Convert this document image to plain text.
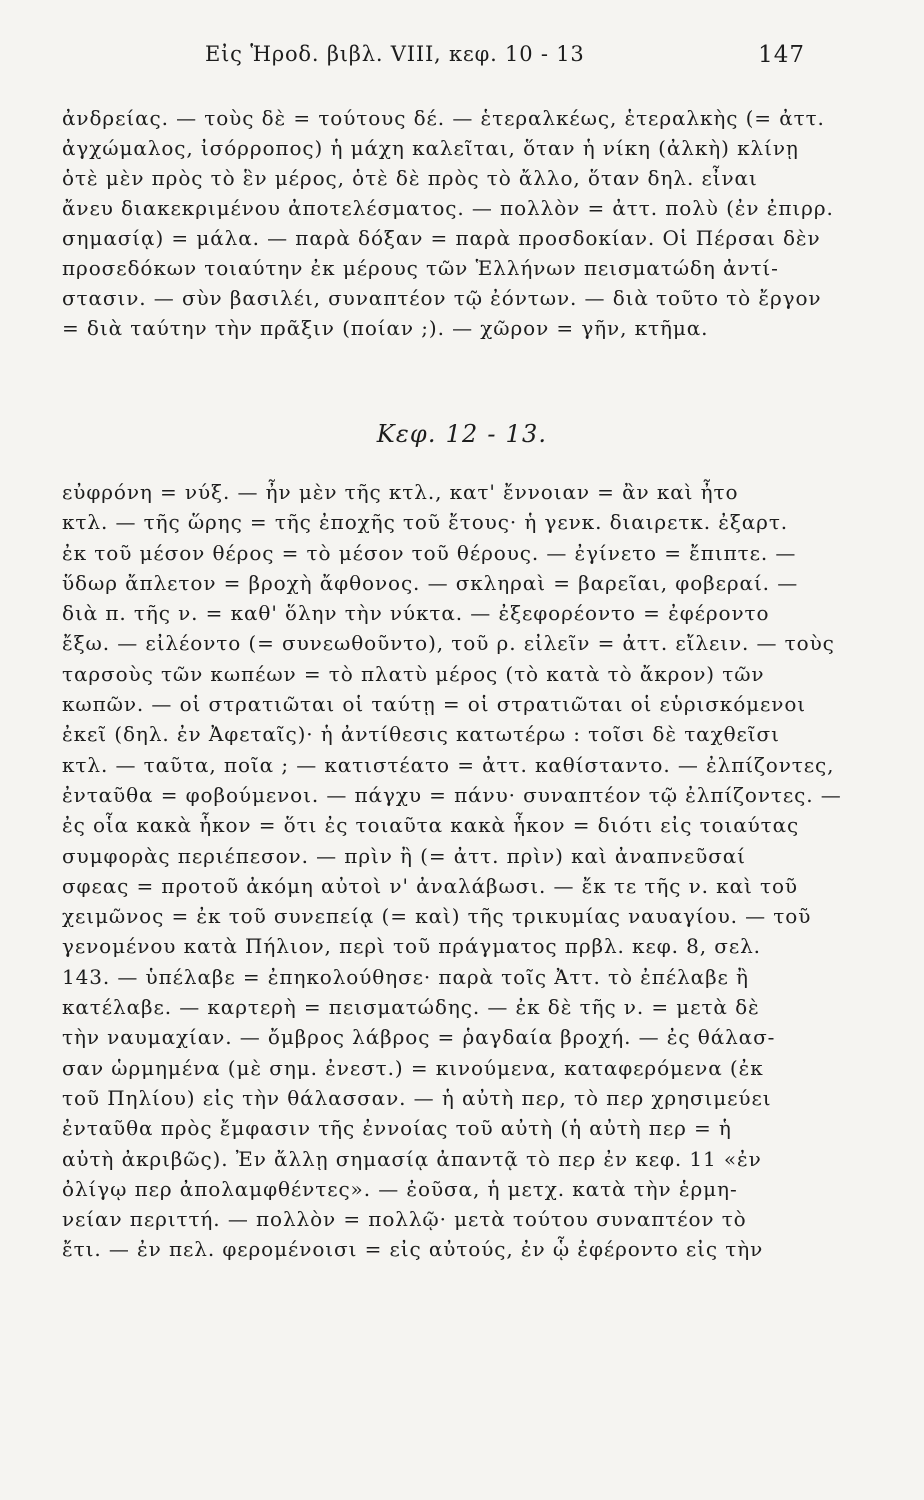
Εἰς Ἡροδ. βιβλ. VIII, κεφ. 10 - 13	147
ἀνδρείας. — τοὺς δὲ = τούτους δέ. — ἑτεραλκέως, ἑτεραλκὴς (= ἀττ.
ἀγχώμαλος, ἰσόρροπος) ἡ μάχη καλεῖται, ὅταν ἡ νίκη (ἀλκὴ) κλίνῃ
ὁτὲ μὲν πρὸς τὸ ἓν μέρος, ὁτὲ δὲ πρὸς τὸ ἄλλο, ὅταν δηλ. εἶναι
ἄνευ διακεκριμένου ἀποτελέσματος. — πολλὸν = ἀττ. πολὺ (ἐν ἐπιρρ.
σημασίᾳ) = μάλα. — παρὰ δόξαν = παρὰ προσδοκίαν. Οἱ Πέρσαι δὲν
προσεδόκων τοιαύτην ἐκ μέρους τῶν Ἑλλήνων πεισματώδη ἀντί-
στασιν. — σὺν βασιλέι, συναπτέον τῷ ἐόντων. — διὰ τοῦτο τὸ ἔργον
= διὰ ταύτην τὴν πρᾶξιν (ποίαν ;). — χῶρον = γῆν, κτῆμα.
Κεφ. 12 - 13.
εὐφρόνη = νύξ. — ἦν μὲν τῆς κτλ., κατ' ἔννοιαν = ἂν καὶ ἦτο
κτλ. — τῆς ὥρης = τῆς ἐποχῆς τοῦ ἔτους· ἡ γενκ. διαιρετκ. ἐξαρτ.
ἐκ τοῦ μέσον θέρος = τὸ μέσον τοῦ θέρους. — ἐγίνετο = ἔπιπτε. —
ὕδωρ ἄπλετον = βροχὴ ἄφθονος. — σκληραὶ = βαρεῖαι, φοβεραί. —
διὰ π. τῆς ν. = καθ' ὅλην τὴν νύκτα. — ἐξεφορέοντο = ἐφέροντο
ἔξω. — εἰλέοντο (= συνεωθοῦντο), τοῦ ρ. εἰλεῖν = ἀττ. εἴλειν. — τοὺς
ταρσοὺς τῶν κωπέων = τὸ πλατὺ μέρος (τὸ κατὰ τὸ ἄκρον) τῶν
κωπῶν. — οἱ στρατιῶται οἱ ταύτῃ = οἱ στρατιῶται οἱ εὑρισκόμενοι
ἐκεῖ (δηλ. ἐν Ἀφεταῖς)· ἡ ἀντίθεσις κατωτέρω : τοῖσι δὲ ταχθεῖσι
κτλ. — ταῦτα, ποῖα ; — κατιστέατο = ἀττ. καθίσταντο. — ἐλπίζοντες,
ἐνταῦθα = φοβούμενοι. — πάγχυ = πάνυ· συναπτέον τῷ ἐλπίζοντες. —
ἐς οἷα κακὰ ἧκον = ὅτι ἐς τοιαῦτα κακὰ ἧκον = διότι εἰς τοιαύτας
συμφορὰς περιέπεσον. — πρὶν ἢ (= ἀττ. πρὶν) καὶ ἀναπνεῦσαί
σφεας = προτοῦ ἀκόμη αὐτοὶ ν' ἀναλάβωσι. — ἔκ τε τῆς ν. καὶ τοῦ
χειμῶνος = ἐκ τοῦ συνεπείᾳ (= καὶ) τῆς τρικυμίας ναυαγίου. — τοῦ
γενομένου κατὰ Πήλιον, περὶ τοῦ πράγματος πρβλ. κεφ. 8, σελ.
143. — ὑπέλαβε = ἐπηκολούθησε· παρὰ τοῖς Ἀττ. τὸ ἐπέλαβε ἢ
κατέλαβε. — καρτερὴ = πεισματώδης. — ἐκ δὲ τῆς ν. = μετὰ δὲ
τὴν ναυμαχίαν. — ὄμβρος λάβρος = ῥαγδαία βροχή. — ἐς θάλασ-
σαν ὡρμημένα (μὲ σημ. ἐνεστ.) = κινούμενα, καταφερόμενα (ἐκ
τοῦ Πηλίου) εἰς τὴν θάλασσαν. — ἡ αὐτὴ περ, τὸ περ χρησιμεύει
ἐνταῦθα πρὸς ἔμφασιν τῆς ἐννοίας τοῦ αὐτὴ (ἡ αὐτὴ περ = ἡ
αὐτὴ ἀκριβῶς). Ἐν ἄλλῃ σημασίᾳ ἀπαντᾷ τὸ περ ἐν κεφ. 11 «ἐν
ὀλίγῳ περ ἀπολαμφθέντες». — ἐοῦσα, ἡ μετχ. κατὰ τὴν ἑρμη-
νείαν περιττή. — πολλὸν = πολλῷ· μετὰ τούτου συναπτέον τὸ
ἔτι. — ἐν πελ. φερομένοισι = εἰς αὐτούς, ἐν ᾧ ἐφέροντο εἰς τὴν
